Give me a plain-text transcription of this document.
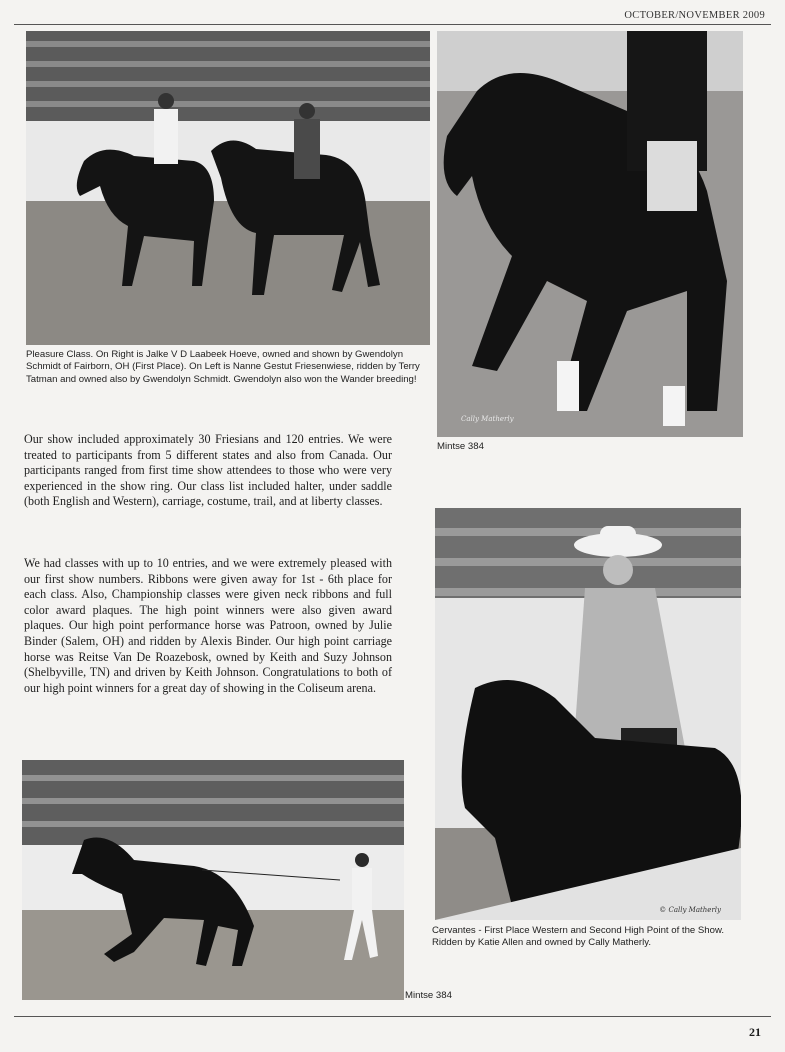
OCTOBER/NOVEMBER 2009

Pleasure Class. On Right is Jalke V D Laabeek Hoeve, owned and shown by Gwendolyn Schmidt of Fairborn, OH (First Place). On Left is Nanne Gestut Friesenwiese, ridden by Terry Tatman and owned also by Gwendolyn Schmidt. Gwendolyn also won the Wander breeding!

Cally Matherly

Mintse 384

Our show included approximately 30 Friesians and 120 entries. We were treated to participants from 5 different states and also from Canada. Our participants ranged from first time show attendees to those who were very experienced in the show ring. Our class list included halter, under saddle (both English and Western), carriage, costume, trail, and at liberty classes.

We had classes with up to 10 entries, and we were extremely pleased with our first show numbers. Ribbons were given away for 1st - 6th place for each class. Also, Championship classes were given neck ribbons and full color award plaques. The high point winners were also given award plaques. Our high point performance horse was Patroon, owned by Julie Binder (Salem, OH) and ridden by Alexis Binder. Our high point carriage horse was Reitse Van De Roazebosk, owned by Keith and Suzy Johnson (Shelbyville, TN) and driven by Keith Johnson. Congratulations to both of our high point winners for a great day of showing in the Coliseum arena.

© Cally Matherly

Cervantes - First Place Western and Second High Point of the Show. Ridden by Katie Allen and owned by Cally Matherly.

Mintse 384

21
